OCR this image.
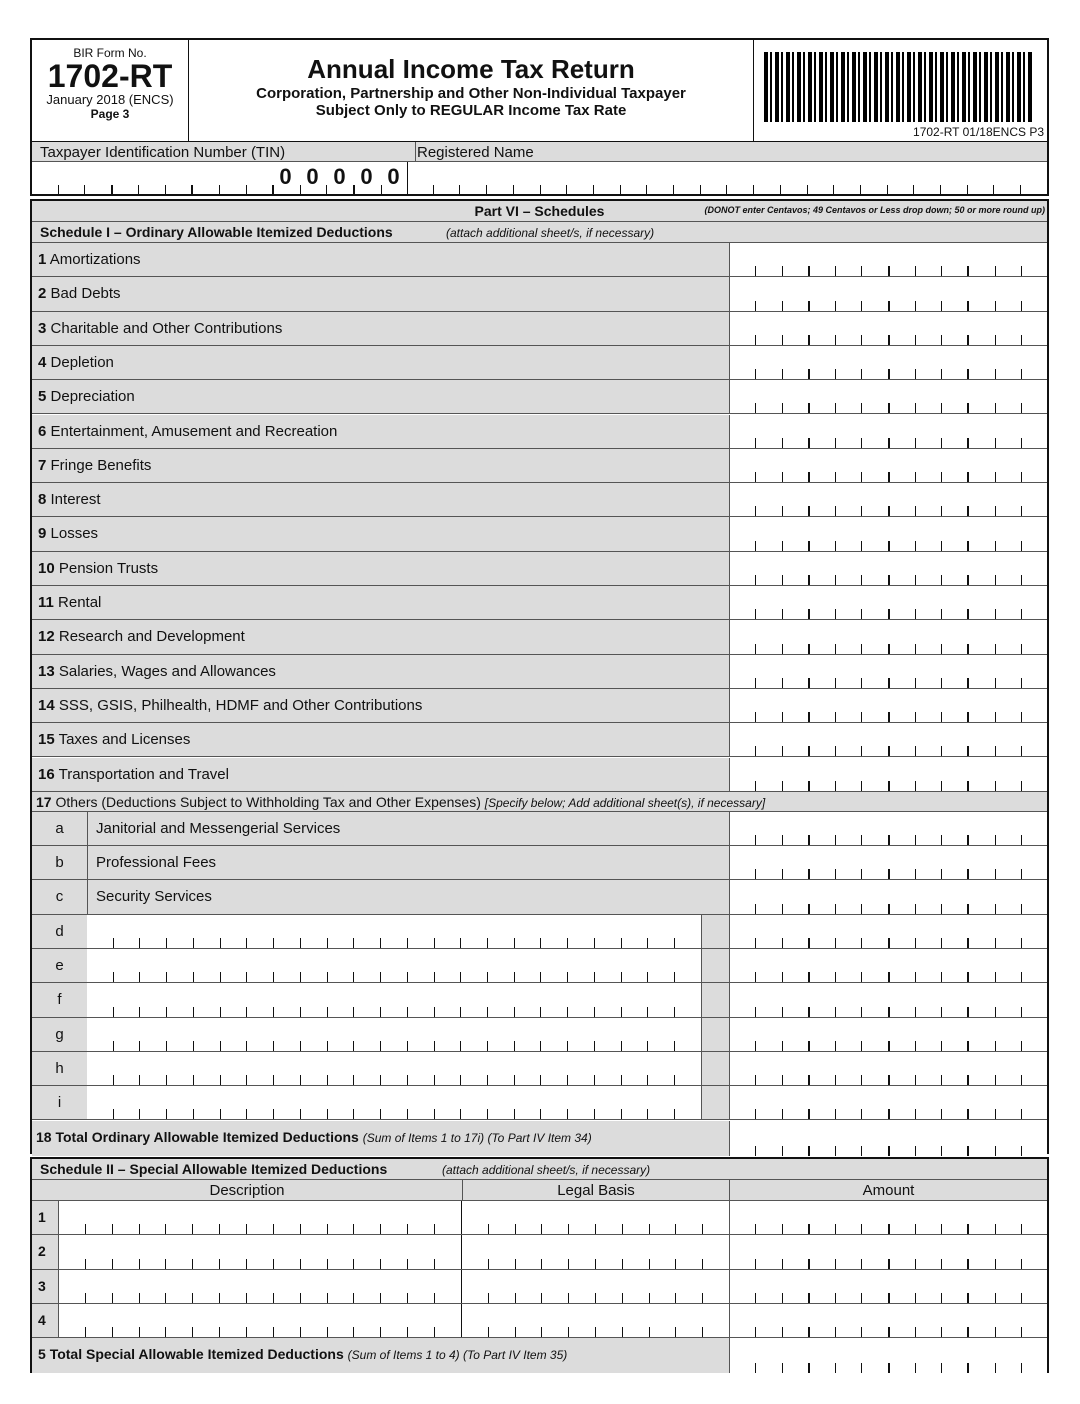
BIR Form No.
1702-RT
January 2018 (ENCS)
Page 3
Annual Income Tax Return
Corporation, Partnership and Other Non-Individual Taxpayer
Subject Only to REGULAR Income Tax Rate
1702-RT 01/18ENCS P3
Taxpayer Identification Number (TIN)	Registered Name
0 0 0 0 0
Part VI – Schedules	(DONOT enter Centavos; 49 Centavos or Less drop down; 50 or more round up)
Schedule I – Ordinary Allowable Itemized Deductions	(attach additional sheet/s, if necessary)
1 Amortizations
2 Bad Debts
3 Charitable and Other Contributions
4 Depletion
5 Depreciation
6 Entertainment, Amusement and Recreation
7 Fringe Benefits
8 Interest
9 Losses
10 Pension Trusts
11 Rental
12 Research and Development
13 Salaries, Wages and Allowances
14 SSS, GSIS, Philhealth, HDMF and Other Contributions
15 Taxes and Licenses
16 Transportation and Travel
17 Others (Deductions Subject to Withholding Tax and Other Expenses) [Specify below; Add additional sheet(s), if necessary]
a	Janitorial and Messengerial Services
b	Professional Fees
c	Security Services
d
e
f
g
h
i
18 Total Ordinary Allowable Itemized Deductions (Sum of Items 1 to 17i) (To Part IV Item 34)
Schedule II – Special Allowable Itemized Deductions	(attach additional sheet/s, if necessary)
Description	Legal Basis	Amount
1
2
3
4
5 Total Special Allowable Itemized Deductions (Sum of Items 1 to 4) (To Part IV Item 35)
